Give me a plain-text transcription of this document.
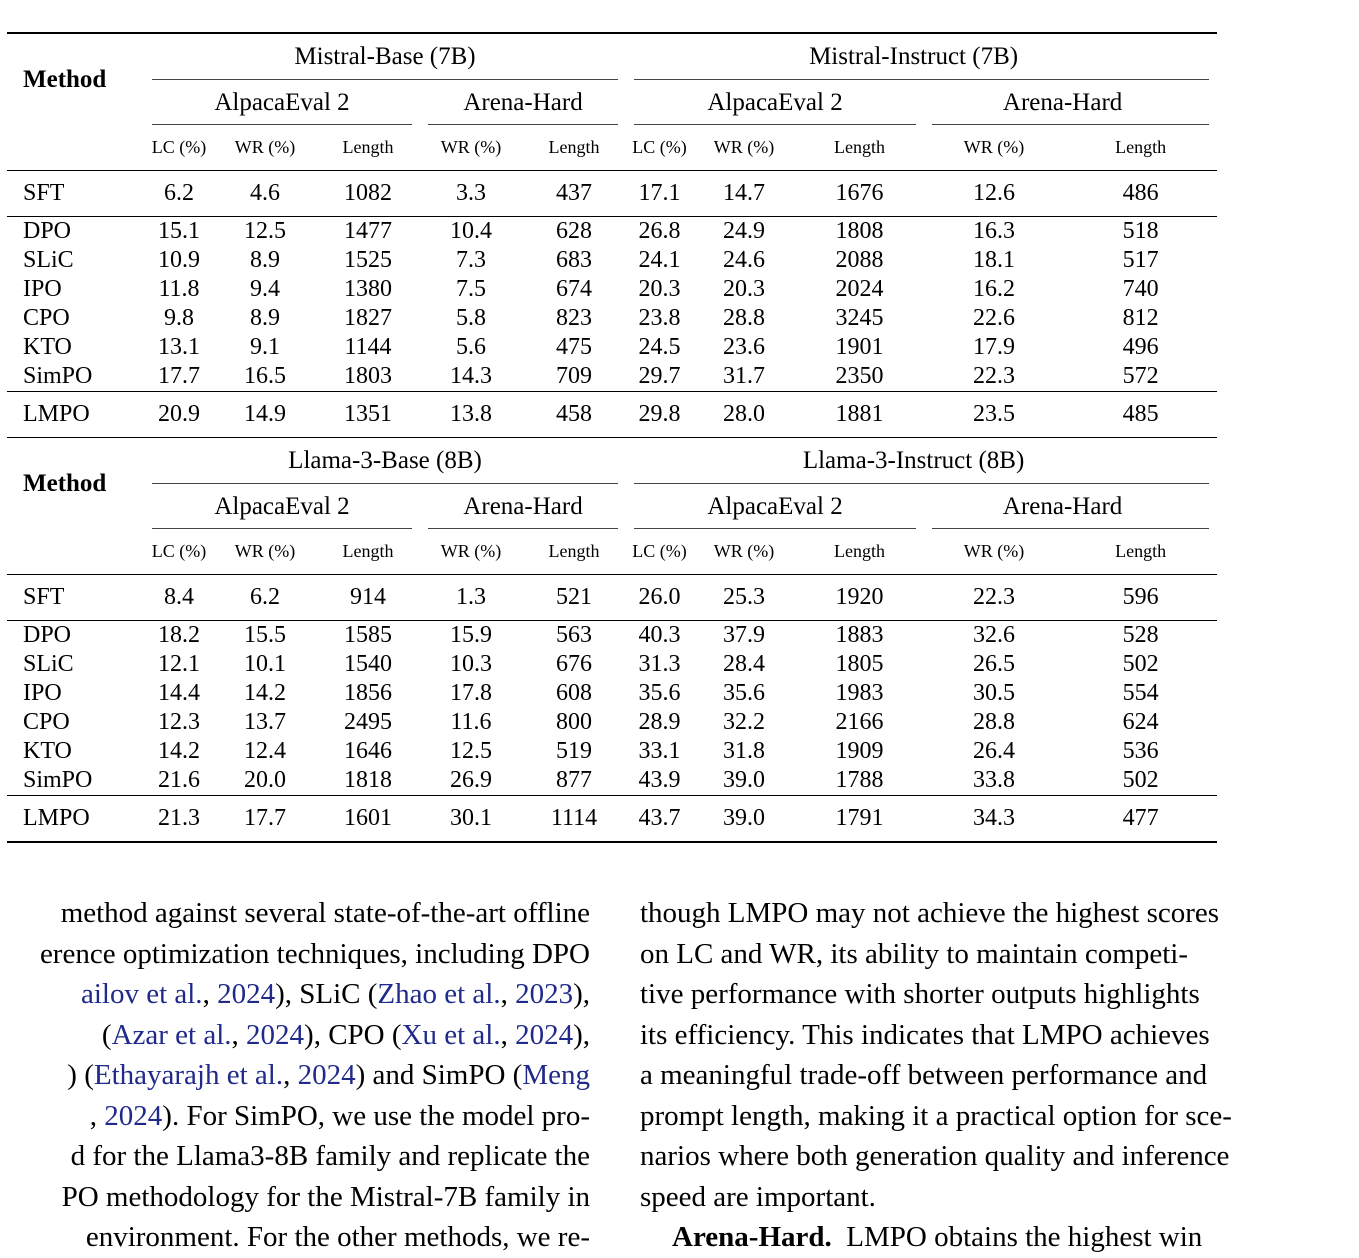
Method	Mistral-Base (7B)					Mistral-Instruct (7B)				
	AlpacaEval 2			Arena-Hard		AlpacaEval 2			Arena-Hard	
	LC (%)	WR (%)	Length	WR (%)	Length	LC (%)	WR (%)	Length	WR (%)	Length
SFT	6.2	4.6	1082	3.3	437	17.1	14.7	1676	12.6	486
DPO	15.1	12.5	1477	10.4	628	26.8	24.9	1808	16.3	518
SLiC	10.9	8.9	1525	7.3	683	24.1	24.6	2088	18.1	517
IPO	11.8	9.4	1380	7.5	674	20.3	20.3	2024	16.2	740
CPO	9.8	8.9	1827	5.8	823	23.8	28.8	3245	22.6	812
KTO	13.1	9.1	1144	5.6	475	24.5	23.6	1901	17.9	496
SimPO	17.7	16.5	1803	14.3	709	29.7	31.7	2350	22.3	572
LMPO	20.9	14.9	1351	13.8	458	29.8	28.0	1881	23.5	485
Method	Llama-3-Base (8B)					Llama-3-Instruct (8B)				
	AlpacaEval 2			Arena-Hard		AlpacaEval 2			Arena-Hard	
	LC (%)	WR (%)	Length	WR (%)	Length	LC (%)	WR (%)	Length	WR (%)	Length
SFT	8.4	6.2	914	1.3	521	26.0	25.3	1920	22.3	596
DPO	18.2	15.5	1585	15.9	563	40.3	37.9	1883	32.6	528
SLiC	12.1	10.1	1540	10.3	676	31.3	28.4	1805	26.5	502
IPO	14.4	14.2	1856	17.8	608	35.6	35.6	1983	30.5	554
CPO	12.3	13.7	2495	11.6	800	28.9	32.2	2166	28.8	624
KTO	14.2	12.4	1646	12.5	519	33.1	31.8	1909	26.4	536
SimPO	21.6	20.0	1818	26.9	877	43.9	39.0	1788	33.8	502
LMPO	21.3	17.7	1601	30.1	1114	43.7	39.0	1791	34.3	477
method against several state-of-the-art offline
erence optimization techniques, including DPO
ailov et al., 2024), SLiC (Zhao et al., 2023),
(Azar et al., 2024), CPO (Xu et al., 2024),
) (Ethayarajh et al., 2024) and SimPO (Meng
, 2024). For SimPO, we use the model pro-
d for the Llama3-8B family and replicate the
PO methodology for the Mistral-7B family in
environment. For the other methods, we re-
though LMPO may not achieve the highest scores
on LC and WR, its ability to maintain competi-
tive performance with shorter outputs highlights
its efficiency. This indicates that LMPO achieves
a meaningful trade-off between performance and
prompt length, making it a practical option for sce-
narios where both generation quality and inference
speed are important.
Arena-Hard. LMPO obtains the highest win
